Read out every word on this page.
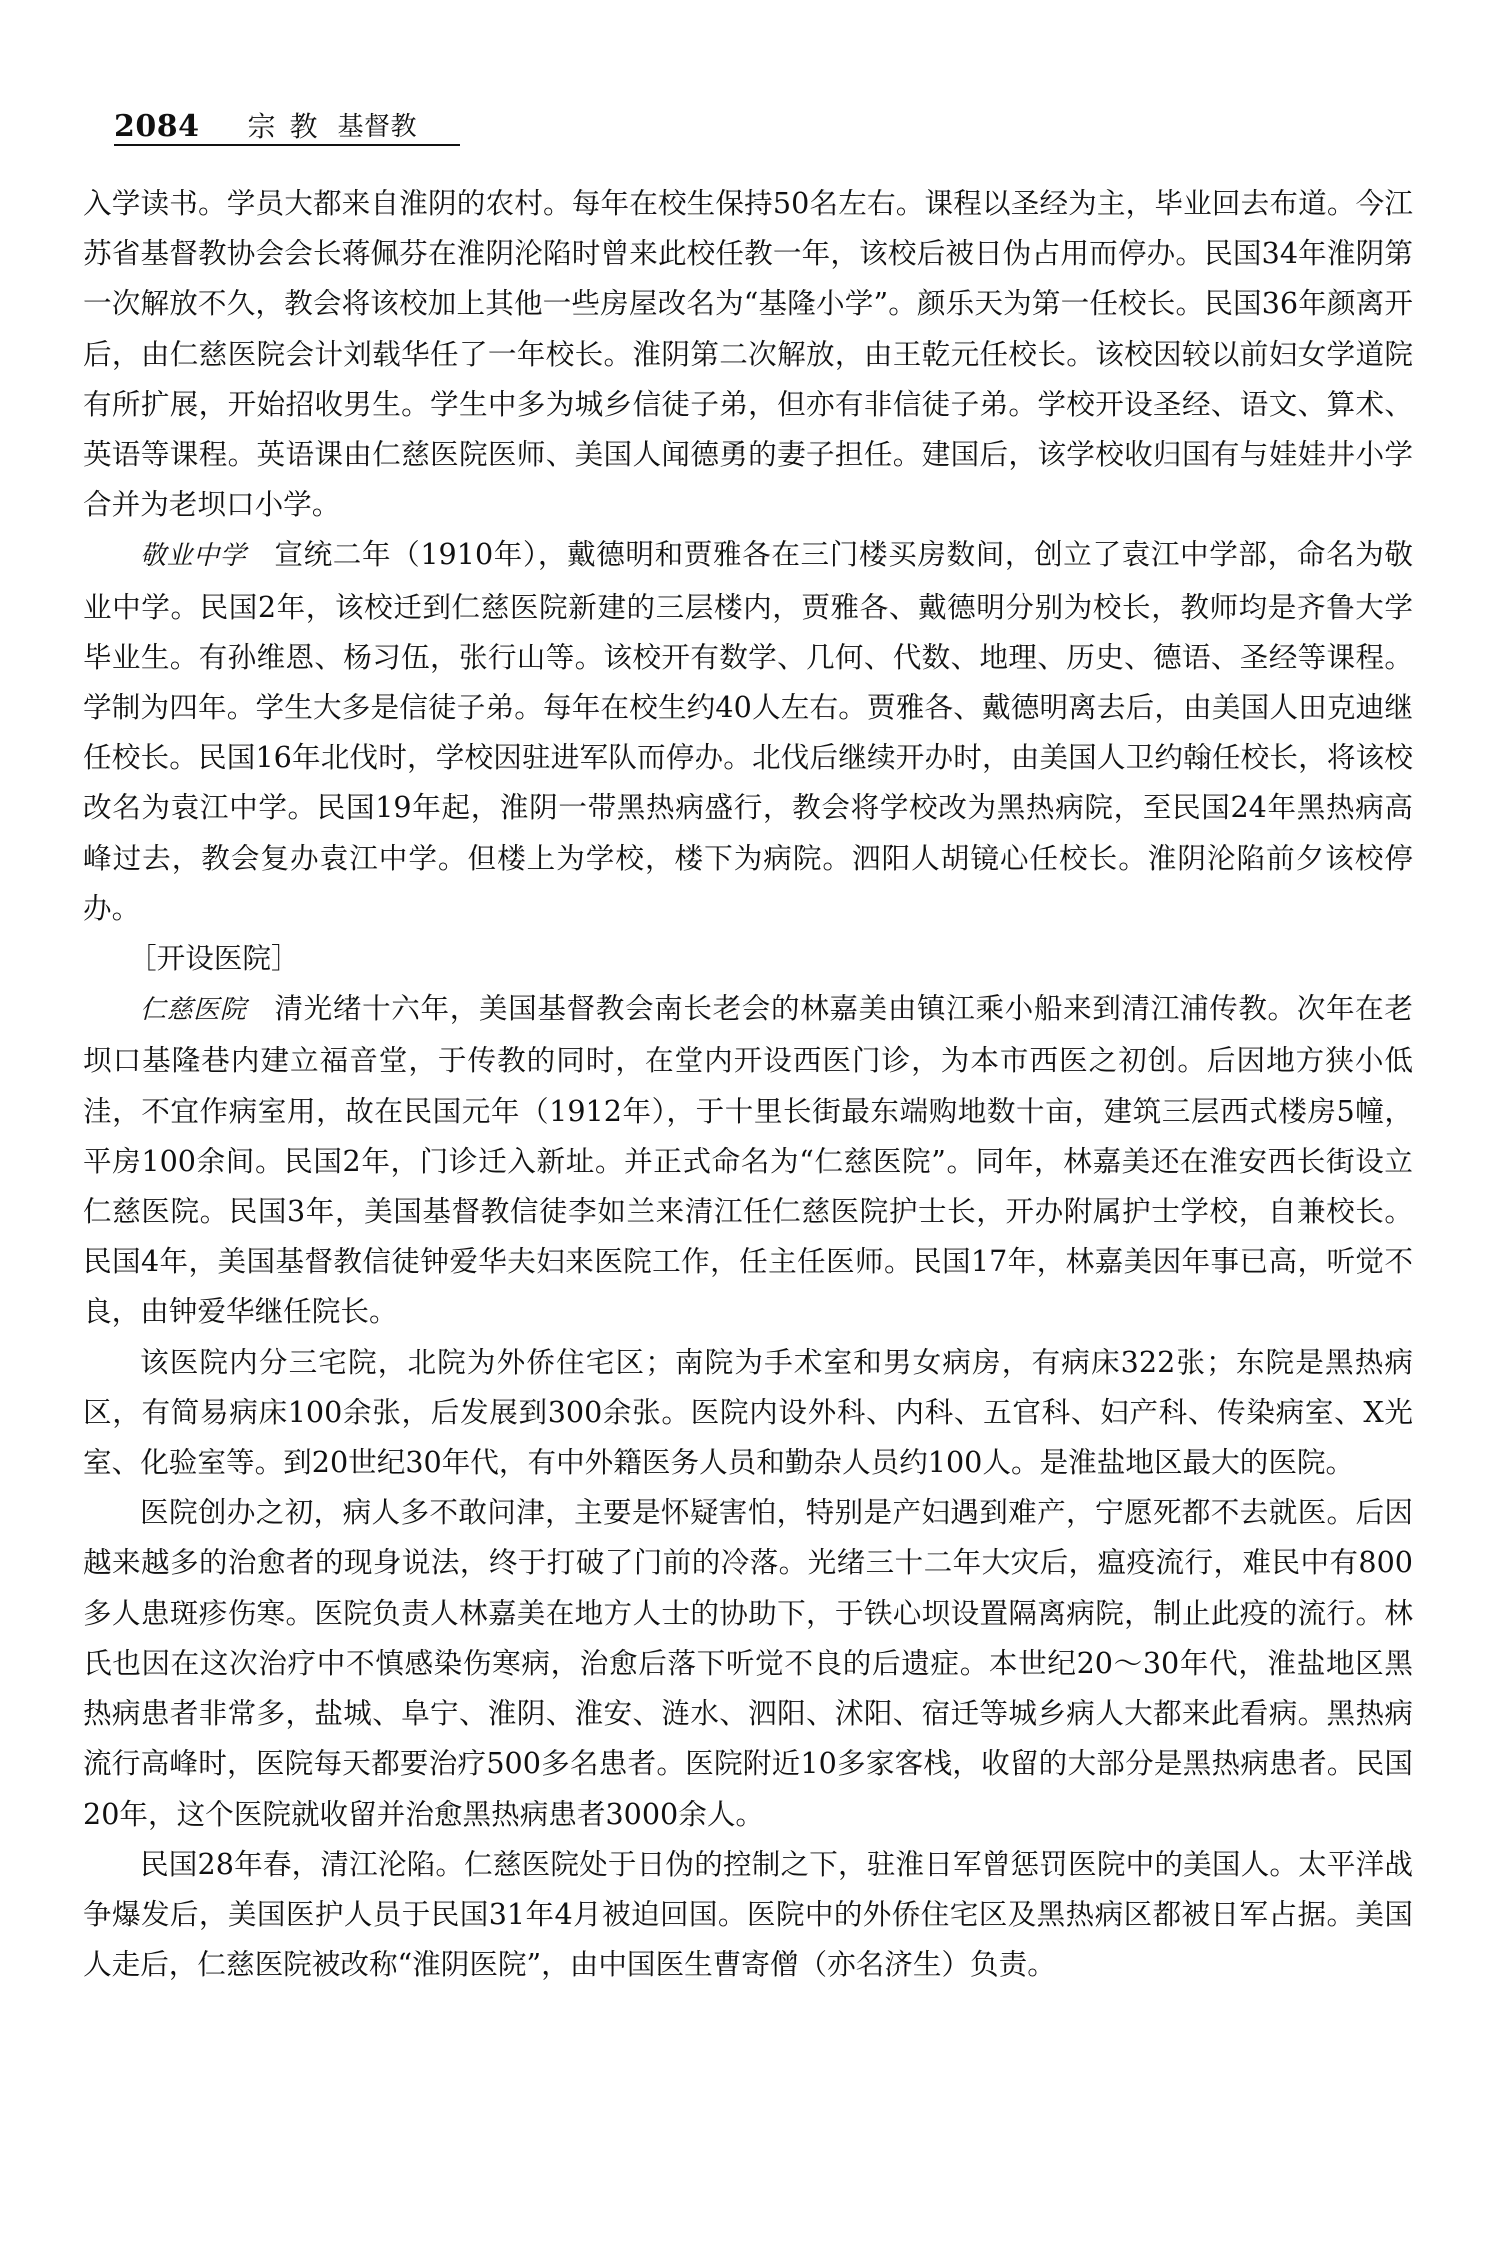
2084 宗教 基督教

入学读书。学员大都来自淮阴的农村。每年在校生保持50名左右。课程以圣经为主，毕业回去布道。今江苏省基督教协会会长蒋佩芬在淮阴沦陷时曾来此校任教一年，该校后被日伪占用而停办。民国34年淮阴第一次解放不久，教会将该校加上其他一些房屋改名为“基隆小学”。颜乐天为第一任校长。民国36年颜离开后，由仁慈医院会计刘载华任了一年校长。淮阴第二次解放，由王乾元任校长。该校因较以前妇女学道院有所扩展，开始招收男生。学生中多为城乡信徒子弟，但亦有非信徒子弟。学校开设圣经、语文、算术、英语等课程。英语课由仁慈医院医师、美国人闻德勇的妻子担任。建国后，该学校收归国有与娃娃井小学合并为老坝口小学。

敬业中学 宣统二年（1910年），戴德明和贾雅各在三门楼买房数间，创立了袁江中学部，命名为敬业中学。民国2年，该校迁到仁慈医院新建的三层楼内，贾雅各、戴德明分别为校长，教师均是齐鲁大学毕业生。有孙维恩、杨习伍，张行山等。该校开有数学、几何、代数、地理、历史、德语、圣经等课程。学制为四年。学生大多是信徒子弟。每年在校生约40人左右。贾雅各、戴德明离去后，由美国人田克迪继任校长。民国16年北伐时，学校因驻进军队而停办。北伐后继续开办时，由美国人卫约翰任校长，将该校改名为袁江中学。民国19年起，淮阴一带黑热病盛行，教会将学校改为黑热病院，至民国24年黑热病高峰过去，教会复办袁江中学。但楼上为学校，楼下为病院。泗阳人胡镜心任校长。淮阴沦陷前夕该校停办。

［开设医院］

仁慈医院 清光绪十六年，美国基督教会南长老会的林嘉美由镇江乘小船来到清江浦传教。次年在老坝口基隆巷内建立福音堂，于传教的同时，在堂内开设西医门诊，为本市西医之初创。后因地方狭小低洼，不宜作病室用，故在民国元年（1912年），于十里长街最东端购地数十亩，建筑三层西式楼房5幢，平房100余间。民国2年，门诊迁入新址。并正式命名为“仁慈医院”。同年，林嘉美还在淮安西长街设立仁慈医院。民国3年，美国基督教信徒李如兰来清江任仁慈医院护士长，开办附属护士学校，自兼校长。民国4年，美国基督教信徒钟爱华夫妇来医院工作，任主任医师。民国17年，林嘉美因年事已高，听觉不良，由钟爱华继任院长。

该医院内分三宅院，北院为外侨住宅区；南院为手术室和男女病房，有病床322张；东院是黑热病区，有简易病床100余张，后发展到300余张。医院内设外科、内科、五官科、妇产科、传染病室、X光室、化验室等。到20世纪30年代，有中外籍医务人员和勤杂人员约100人。是淮盐地区最大的医院。

医院创办之初，病人多不敢问津，主要是怀疑害怕，特别是产妇遇到难产，宁愿死都不去就医。后因越来越多的治愈者的现身说法，终于打破了门前的冷落。光绪三十二年大灾后，瘟疫流行，难民中有800多人患斑疹伤寒。医院负责人林嘉美在地方人士的协助下，于铁心坝设置隔离病院，制止此疫的流行。林氏也因在这次治疗中不慎感染伤寒病，治愈后落下听觉不良的后遗症。本世纪20～30年代，淮盐地区黑热病患者非常多，盐城、阜宁、淮阴、淮安、涟水、泗阳、沭阳、宿迁等城乡病人大都来此看病。黑热病流行高峰时，医院每天都要治疗500多名患者。医院附近10多家客栈，收留的大部分是黑热病患者。民国20年，这个医院就收留并治愈黑热病患者3000余人。

民国28年春，清江沦陷。仁慈医院处于日伪的控制之下，驻淮日军曾惩罚医院中的美国人。太平洋战争爆发后，美国医护人员于民国31年4月被迫回国。医院中的外侨住宅区及黑热病区都被日军占据。美国人走后，仁慈医院被改称“淮阴医院”，由中国医生曹寄僧（亦名济生）负责。
